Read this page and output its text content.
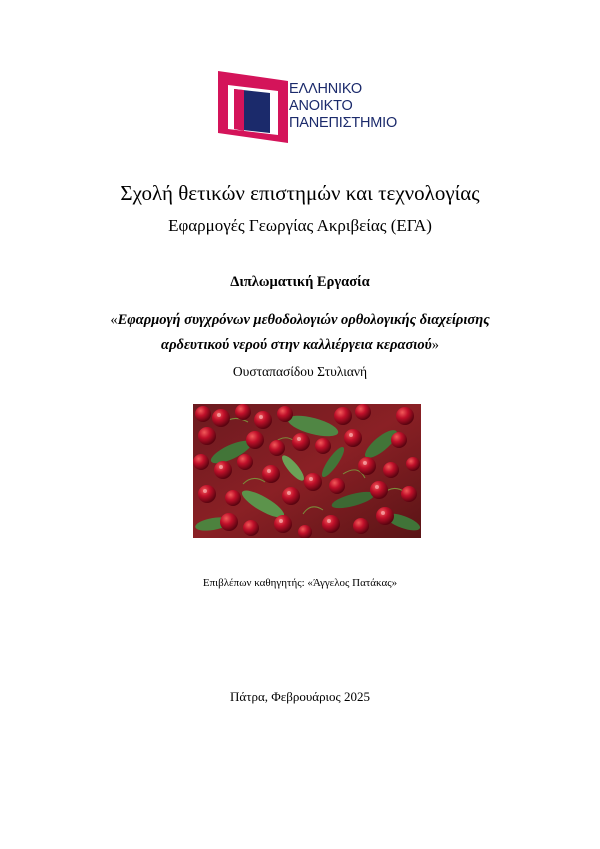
ΕΛΛΗΝΙΚΟ
ΑΝΟΙΚΤΟ
ΠΑΝΕΠΙΣΤΗΜΙΟ
Σχολή θετικών επιστημών και τεχνολογίας
Εφαρμογές Γεωργίας Ακριβείας (ΕΓΑ)
Διπλωματική Εργασία
«Εφαρμογή συγχρόνων μεθοδολογιών ορθολογικής διαχείρισης
αρδευτικού νερού στην καλλιέργεια κερασιού»
Ουσταπασίδου Στυλιανή
Επιβλέπων καθηγητής: «Άγγελος Πατάκας»
Πάτρα, Φεβρουάριος 2025
